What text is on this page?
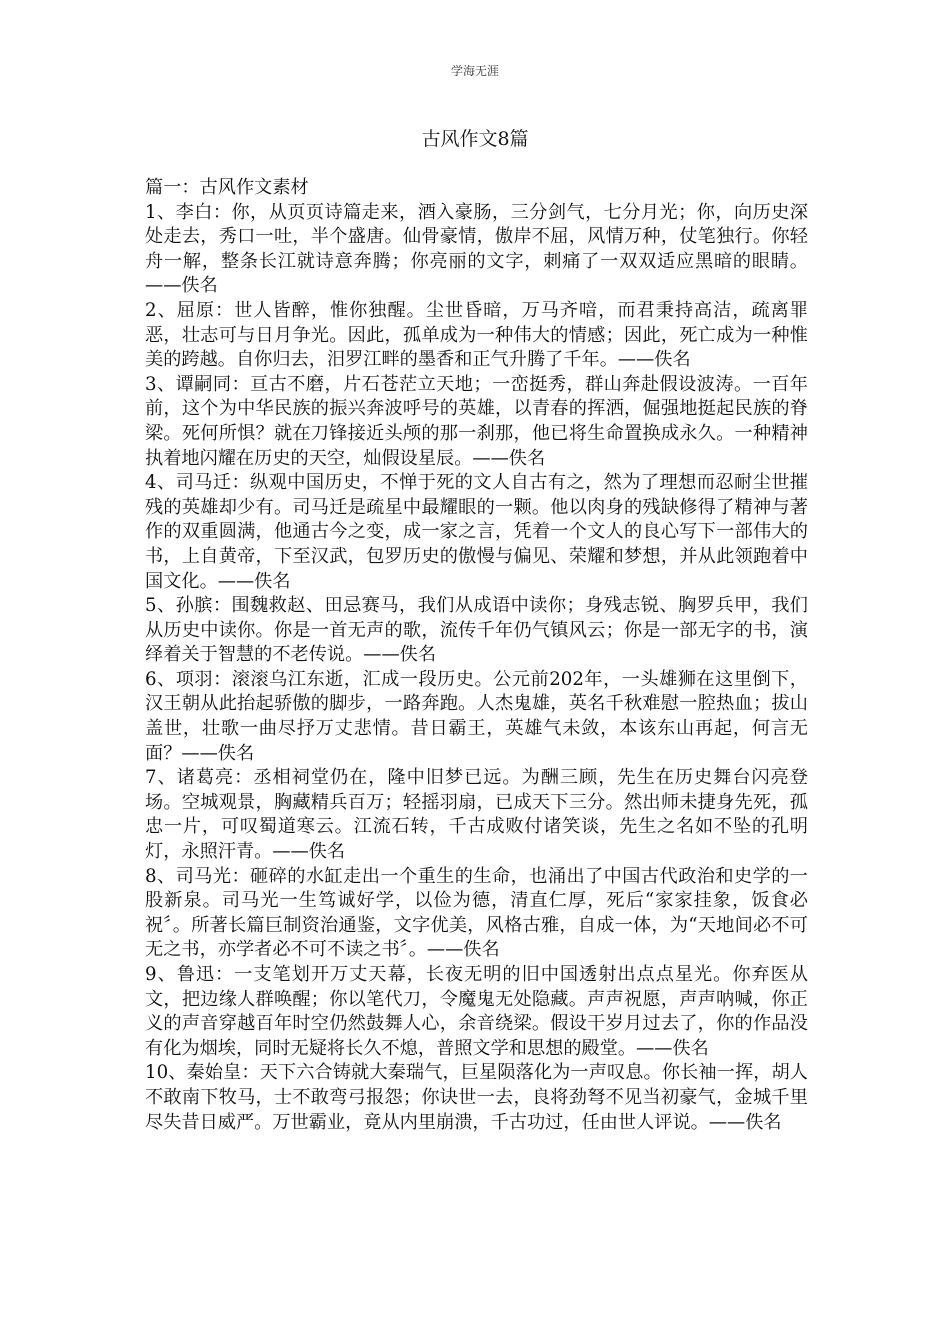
学海无涯
古风作文8篇

篇一：古风作文素材

1、李白：你，从页页诗篇走来，酒入豪肠，三分剑气，七分月光；你，向历史深处走去，秀口一吐，半个盛唐。仙骨豪情，傲岸不屈，风情万种，仗笔独行。你轻舟一解，整条长江就诗意奔腾；你亮丽的文字，刺痛了一双双适应黑暗的眼睛。——佚名

2、屈原：世人皆醉，惟你独醒。尘世昏暗，万马齐喑，而君秉持高洁，疏离罪恶，壮志可与日月争光。因此，孤单成为一种伟大的情感；因此，死亡成为一种惟美的跨越。自你归去，汨罗江畔的墨香和正气升腾了千年。——佚名

3、谭嗣同：亘古不磨，片石苍茫立天地；一峦挺秀，群山奔赴假设波涛。一百年前，这个为中华民族的振兴奔波呼号的英雄，以青春的挥洒，倔强地挺起民族的脊梁。死何所惧？就在刀锋接近头颅的那一刹那，他已将生命置换成永久。一种精神执着地闪耀在历史的天空，灿假设星辰。——佚名

4、司马迁：纵观中国历史，不惮于死的文人自古有之，然为了理想而忍耐尘世摧残的英雄却少有。司马迁是疏星中最耀眼的一颗。他以肉身的残缺修得了精神与著作的双重圆满，他通古今之变，成一家之言，凭着一个文人的良心写下一部伟大的书，上自黄帝，下至汉武，包罗历史的傲慢与偏见、荣耀和梦想，并从此领跑着中国文化。——佚名

5、孙膑：围魏救赵、田忌赛马，我们从成语中读你；身残志锐、胸罗兵甲，我们从历史中读你。你是一首无声的歌，流传千年仍气镇风云；你是一部无字的书，演绎着关于智慧的不老传说。——佚名

6、项羽：滚滚乌江东逝，汇成一段历史。公元前202年，一头雄狮在这里倒下，汉王朝从此抬起骄傲的脚步，一路奔跑。人杰鬼雄，英名千秋难慰一腔热血；拔山盖世，壮歌一曲尽抒万丈悲情。昔日霸王，英雄气未敛，本该东山再起，何言无面？——佚名

7、诸葛亮：丞相祠堂仍在，隆中旧梦已远。为酬三顾，先生在历史舞台闪亮登场。空城观景，胸藏精兵百万；轻摇羽扇，已成天下三分。然出师未捷身先死，孤忠一片，可叹蜀道寒云。江流石转，千古成败付诸笑谈，先生之名如不坠的孔明灯，永照汗青。——佚名

8、司马光：砸碎的水缸走出一个重生的生命，也涌出了中国古代政治和史学的一股新泉。司马光一生笃诚好学，以俭为德，清直仁厚，死后“家家挂象，饭食必祝〞。所著长篇巨制资治通鉴，文字优美，风格古雅，自成一体，为“天地间必不可无之书，亦学者必不可不读之书〞。——佚名

9、鲁迅：一支笔划开万丈天幕，长夜无明的旧中国透射出点点星光。你弃医从文，把边缘人群唤醒；你以笔代刀，令魔鬼无处隐藏。声声祝愿，声声呐喊，你正义的声音穿越百年时空仍然鼓舞人心，余音绕梁。假设干岁月过去了，你的作品没有化为烟埃，同时无疑将长久不熄，普照文学和思想的殿堂。——佚名

10、秦始皇：天下六合铸就大秦瑞气，巨星陨落化为一声叹息。你长袖一挥，胡人不敢南下牧马，士不敢弯弓报怨；你诀世一去，良将劲弩不见当初豪气，金城千里尽失昔日威严。万世霸业，竟从内里崩溃，千古功过，任由世人评说。——佚名
